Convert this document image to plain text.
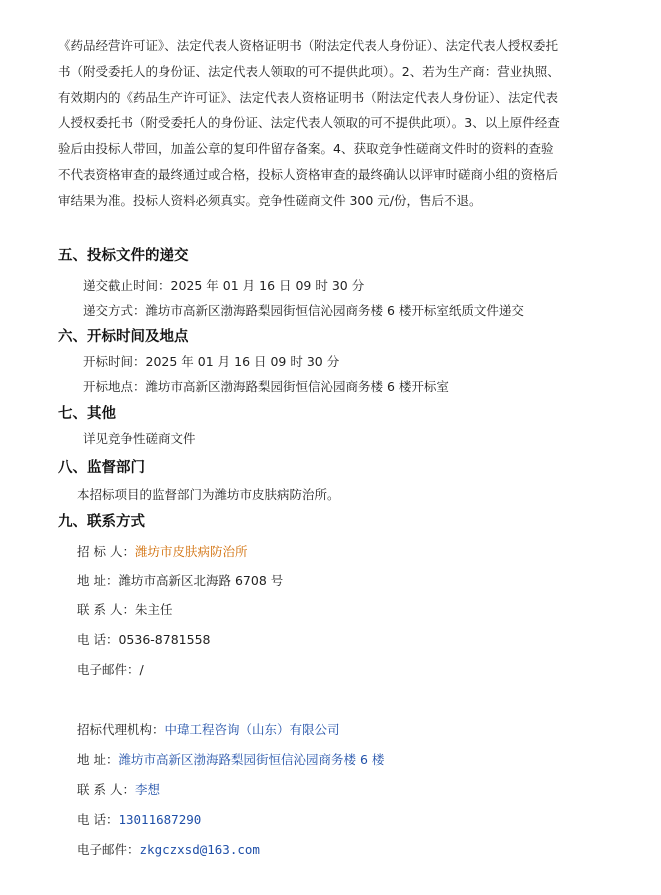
《药品经营许可证》、法定代表人资格证明书（附法定代表人身份证）、法定代表人授权委托
书（附受委托人的身份证、法定代表人领取的可不提供此项）。2、若为生产商：营业执照、
有效期内的《药品生产许可证》、法定代表人资格证明书（附法定代表人身份证）、法定代表
人授权委托书（附受委托人的身份证、法定代表人领取的可不提供此项）。3、以上原件经查
验后由投标人带回，加盖公章的复印件留存备案。4、获取竞争性磋商文件时的资料的查验
不代表资格审查的最终通过或合格，投标人资格审查的最终确认以评审时磋商小组的资格后
审结果为准。投标人资料必须真实。竞争性磋商文件 300 元/份，售后不退。
五、投标文件的递交
递交截止时间：2025 年 01 月 16 日 09 时 30 分
递交方式：潍坊市高新区渤海路梨园街恒信沁园商务楼 6 楼开标室纸质文件递交
六、开标时间及地点
开标时间：2025 年 01 月 16 日 09 时 30 分
开标地点：潍坊市高新区渤海路梨园街恒信沁园商务楼 6 楼开标室
七、其他
详见竞争性磋商文件
八、监督部门
本招标项目的监督部门为潍坊市皮肤病防治所。
九、联系方式
招 标 人：潍坊市皮肤病防治所
地 址：潍坊市高新区北海路 6708 号
联 系 人：朱主任
电 话：0536-8781558
电子邮件：/
招标代理机构：中瑋工程咨询（山东）有限公司
地 址：潍坊市高新区渤海路梨园街恒信沁园商务楼 6 楼
联 系 人：李想
电 话：13011687290
电子邮件：zkgczxsd@163.com
